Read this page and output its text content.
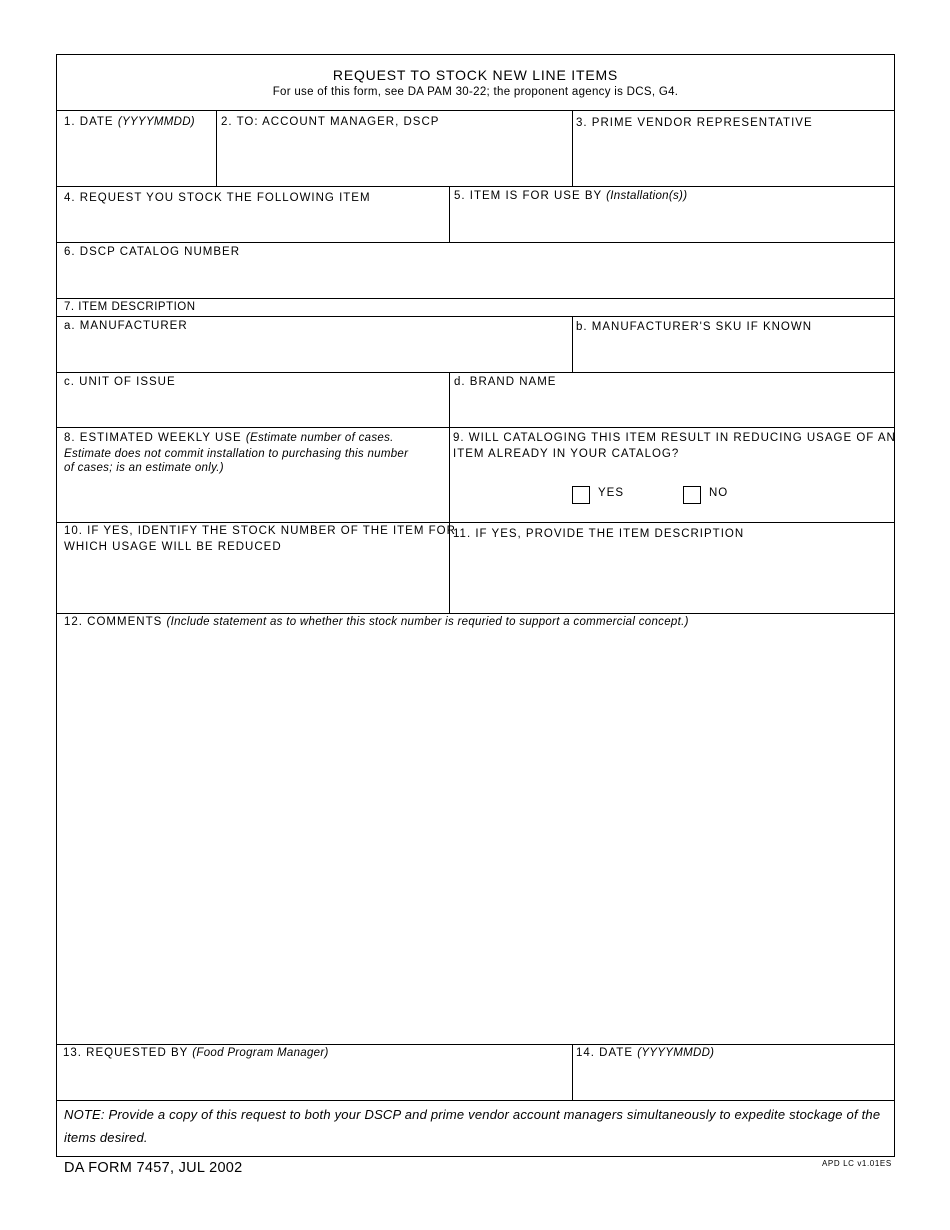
REQUEST TO STOCK NEW LINE ITEMS
For use of this form, see DA PAM 30-22; the proponent agency is DCS, G4.
1. DATE (YYYYMMDD) 2. TO: ACCOUNT MANAGER, DSCP	3. PRIME VENDOR REPRESENTATIVE
4. REQUEST YOU STOCK THE FOLLOWING ITEM	5. ITEM IS FOR USE BY (Installation(s))
6. DSCP CATALOG NUMBER
7. ITEM DESCRIPTION
a. MANUFACTURER	b. MANUFACTURER'S SKU IF KNOWN
c. UNIT OF ISSUE	d. BRAND NAME
8. ESTIMATED WEEKLY USE (Estimate number of cases.
Estimate does not commit installation to purchasing this number
of cases; is an estimate only.)
9. WILL CATALOGING THIS ITEM RESULT IN REDUCING USAGE OF AN
ITEM ALREADY IN YOUR CATALOG?
YES	NO
10. IF YES, IDENTIFY THE STOCK NUMBER OF THE ITEM FOR
WHICH USAGE WILL BE REDUCED
11. IF YES, PROVIDE THE ITEM DESCRIPTION
12. COMMENTS (Include statement as to whether this stock number is requried to support a commercial concept.)
13. REQUESTED BY (Food Program Manager)	14. DATE (YYYYMMDD)
NOTE: Provide a copy of this request to both your DSCP and prime vendor account managers simultaneously to expedite stockage of the items desired.
DA FORM 7457, JUL 2002	APD LC v1.01ES
